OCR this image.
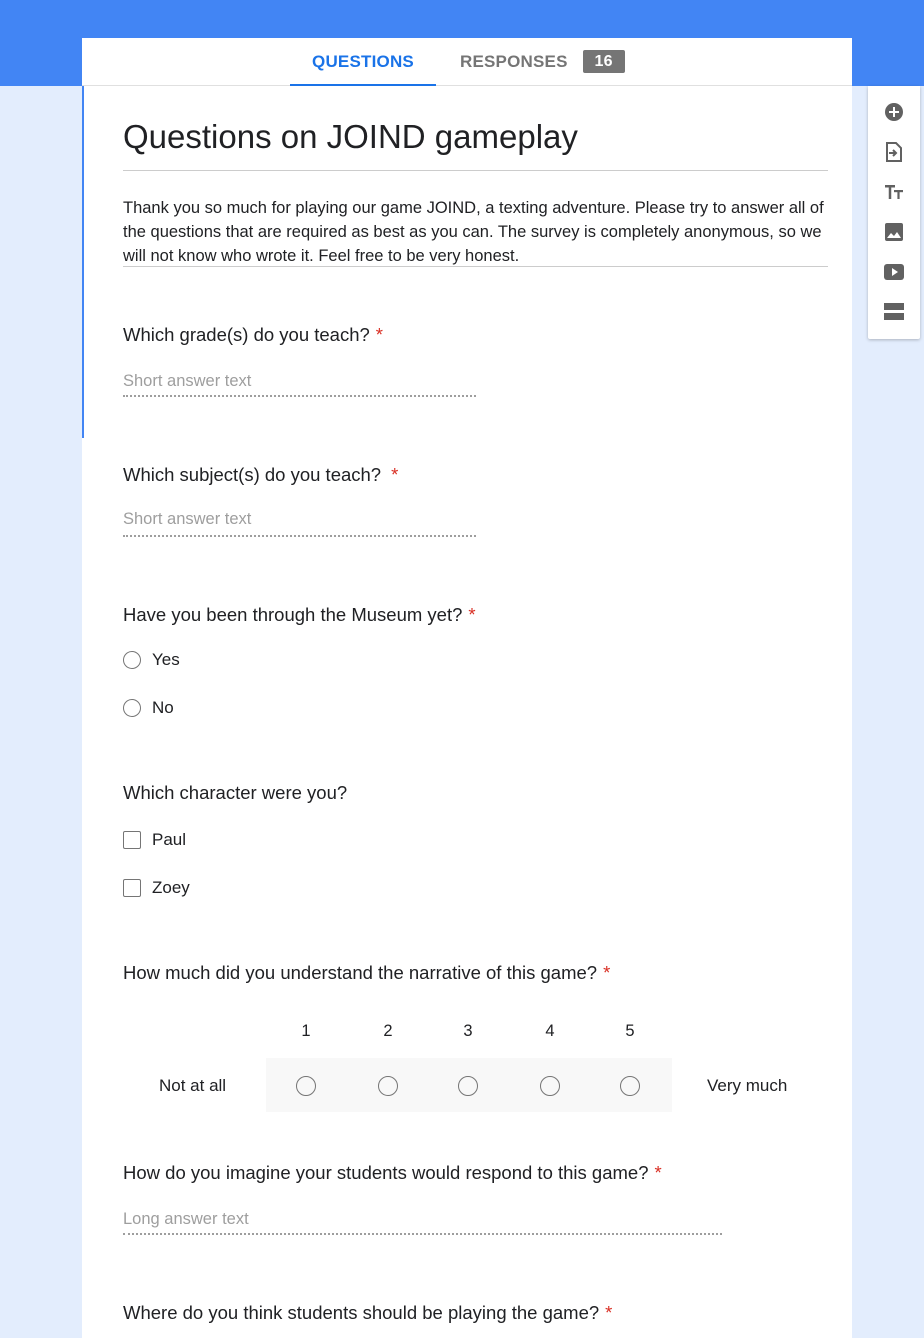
QUESTIONS	RESPONSES 16
Questions on JOIND gameplay
Thank you so much for playing our game JOIND, a texting adventure. Please try to answer all of the questions that are required as best as you can. The survey is completely anonymous, so we will not know who wrote it. Feel free to be very honest.
Which grade(s) do you teach? *
Short answer text
Which subject(s) do you teach? *
Short answer text
Have you been through the Museum yet? *
Yes
No
Which character were you?
Paul
Zoey
How much did you understand the narrative of this game? *
1	2	3	4	5
Not at all	Very much
How do you imagine your students would respond to this game? *
Long answer text
Where do you think students should be playing the game? *
